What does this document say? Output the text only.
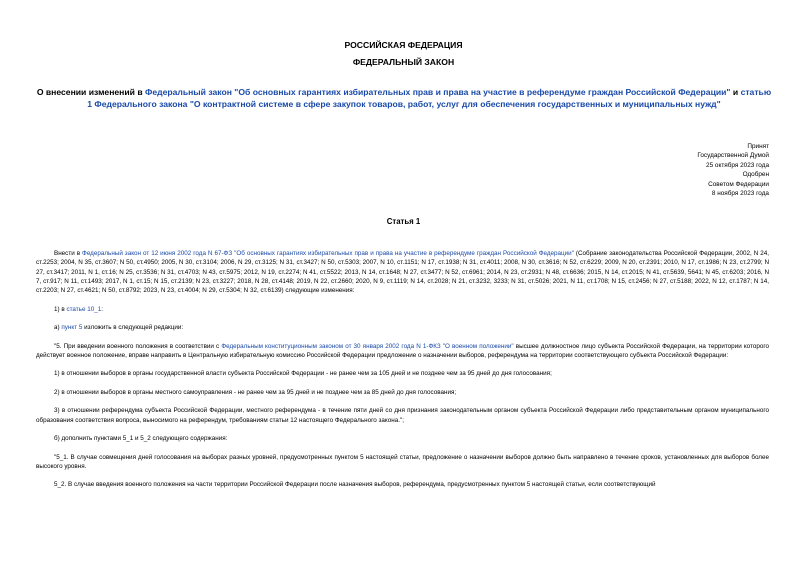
РОССИЙСКАЯ ФЕДЕРАЦИЯ
ФЕДЕРАЛЬНЫЙ ЗАКОН
О внесении изменений в Федеральный закон "Об основных гарантиях избирательных прав и права на участие в референдуме граждан Российской Федерации" и статью 1 Федерального закона "О контрактной системе в сфере закупок товаров, работ, услуг для обеспечения государственных и муниципальных нужд"
Принят
Государственной Думой
25 октября 2023 года
Одобрен
Советом Федерации
8 ноября 2023 года
Статья 1

Внести в Федеральный закон от 12 июня 2002 года N 67-ФЗ "Об основных гарантиях избирательных прав и права на участие в референдуме граждан Российской Федерации" (Собрание законодательства Российской Федерации, 2002, N 24, ст.2253; 2004, N 35, ст.3607; N 50, ст.4950; 2005, N 30, ст.3104; 2006, N 29, ст.3125; N 31, ст.3427; N 50, ст.5303; 2007, N 10, ст.1151; N 17, ст.1938; N 31, ст.4011; 2008, N 30, ст.3616; N 52, ст.6229; 2009, N 20, ст.2391; 2010, N 17, ст.1986; N 23, ст.2799; N 27, ст.3417; 2011, N 1, ст.16; N 25, ст.3536; N 31, ст.4703; N 43, ст.5975; 2012, N 19, ст.2274; N 41, ст.5522; 2013, N 14, ст.1648; N 27, ст.3477; N 52, ст.6961; 2014, N 23, ст.2931; N 48, ст.6636; 2015, N 14, ст.2015; N 41, ст.5639, 5641; N 45, ст.6203; 2016, N 7, ст.917; N 11, ст.1493; 2017, N 1, ст.15; N 15, ст.2139; N 23, ст.3227; 2018, N 28, ст.4148; 2019, N 22, ст.2660; 2020, N 9, ст.1119; N 14, ст.2028; N 21, ст.3232, 3233; N 31, ст.5026; 2021, N 11, ст.1708; N 15, ст.2456; N 27, ст.5188; 2022, N 12, ст.1787; N 14, ст.2203; N 27, ст.4621; N 50, ст.8792; 2023, N 23, ст.4004; N 29, ст.5304; N 32, ст.6139) следующие изменения:

1) в статье 10_1:

а) пункт 5 изложить в следующей редакции:

"5. При введении военного положения в соответствии с Федеральным конституционным законом от 30 января 2002 года N 1-ФКЗ "О военном положении" высшее должностное лицо субъекта Российской Федерации, на территории которого действует военное положение, вправе направить в Центральную избирательную комиссию Российской Федерации предложение о назначении выборов, референдума на территории соответствующего субъекта Российской Федерации:

1) в отношении выборов в органы государственной власти субъекта Российской Федерации - не ранее чем за 105 дней и не позднее чем за 95 дней до дня голосования;

2) в отношении выборов в органы местного самоуправления - не ранее чем за 95 дней и не позднее чем за 85 дней до дня голосования;

3) в отношении референдума субъекта Российской Федерации, местного референдума - в течение пяти дней со дня признания законодательным органом субъекта Российской Федерации либо представительным органом муниципального образования соответствия вопроса, выносимого на референдум, требованиям статьи 12 настоящего Федерального закона.";

б) дополнить пунктами 5_1 и 5_2 следующего содержания:

"5_1. В случае совмещения дней голосования на выборах разных уровней, предусмотренных пунктом 5 настоящей статьи, предложение о назначении выборов должно быть направлено в течение сроков, установленных для выборов более высокого уровня.

5_2. В случае введения военного положения на части территории Российской Федерации после назначения выборов, референдума, предусмотренных пунктом 5 настоящей статьи, если соответствующий
